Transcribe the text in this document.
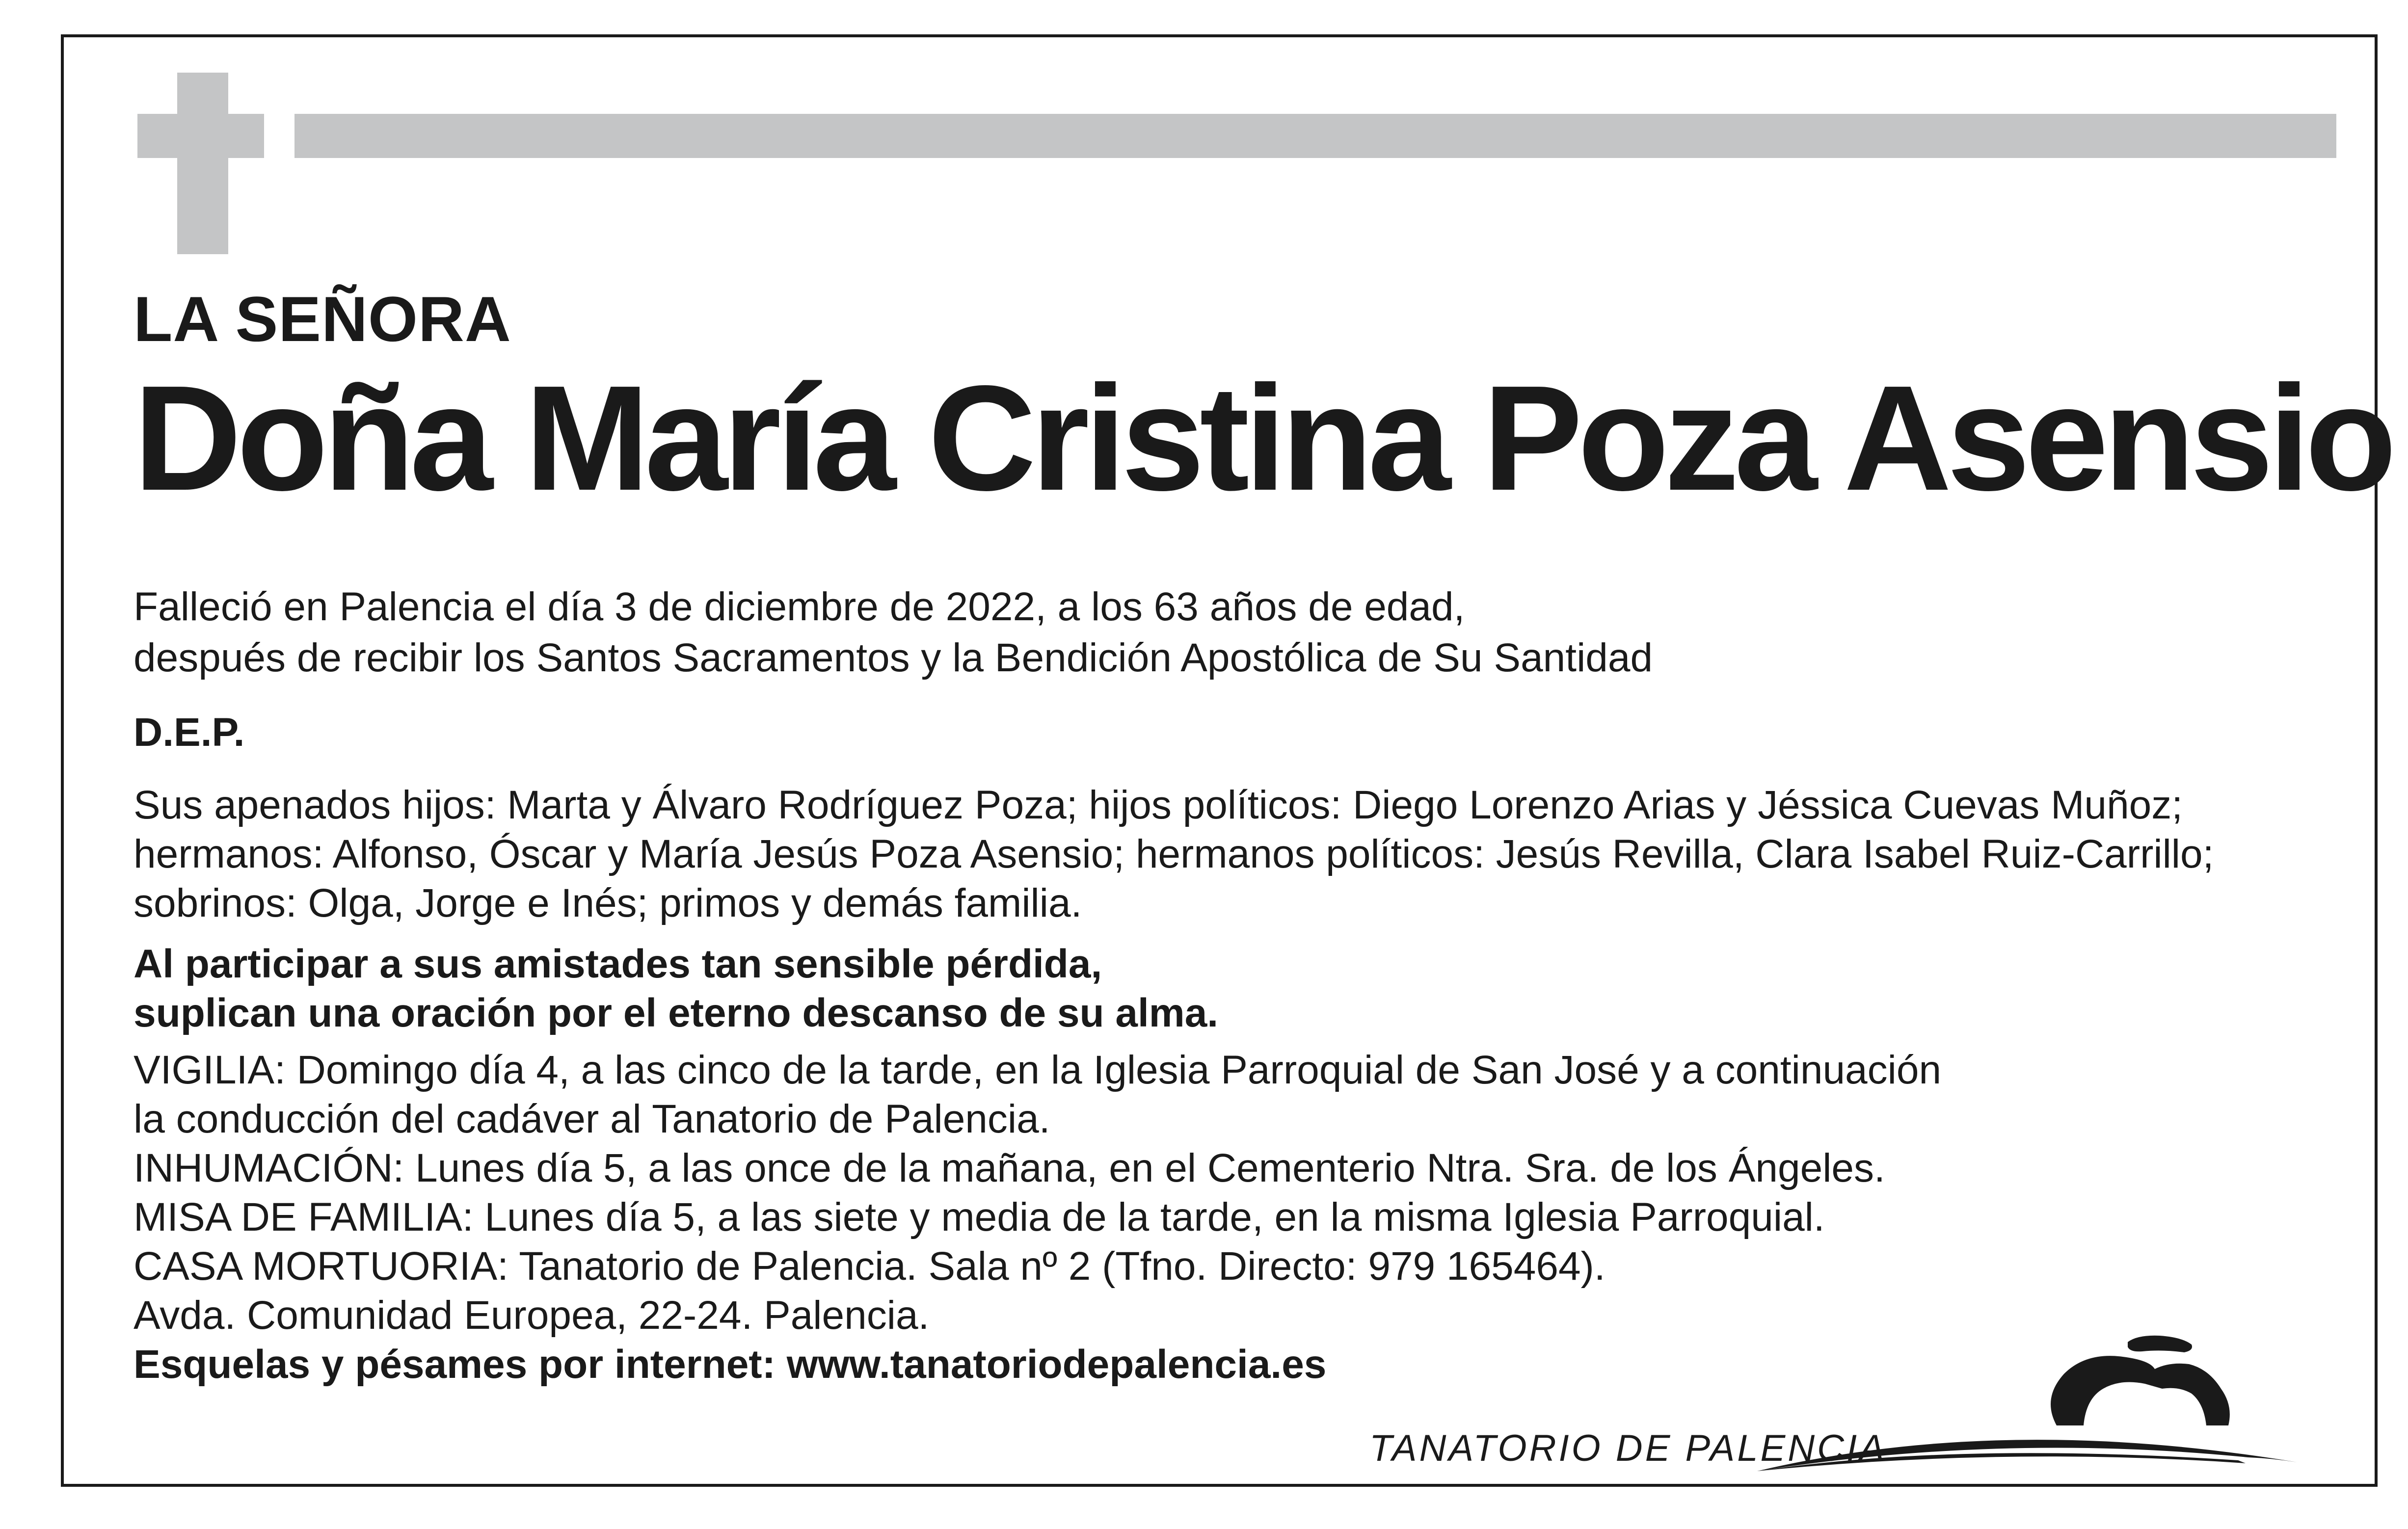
LA SEÑORA
Doña María Cristina Poza Asensio
Falleció en Palencia el día 3 de diciembre de 2022, a los 63 años de edad,
después de recibir los Santos Sacramentos y la Bendición Apostólica de Su Santidad
D.E.P.
Sus apenados hijos: Marta y Álvaro Rodríguez Poza; hijos políticos: Diego Lorenzo Arias y Jéssica Cuevas Muñoz;
hermanos: Alfonso, Óscar y María Jesús Poza Asensio; hermanos políticos: Jesús Revilla, Clara Isabel Ruiz-Carrillo;
sobrinos: Olga, Jorge e Inés; primos y demás familia.
Al participar a sus amistades tan sensible pérdida,
suplican una oración por el eterno descanso de su alma.
VIGILIA: Domingo día 4, a las cinco de la tarde, en la Iglesia Parroquial de San José y a continuación
la conducción del cadáver al Tanatorio de Palencia.
INHUMACIÓN: Lunes día 5, a las once de la mañana, en el Cementerio Ntra. Sra. de los Ángeles.
MISA DE FAMILIA: Lunes día 5, a las siete y media de la tarde, en la misma Iglesia Parroquial.
CASA MORTUORIA: Tanatorio de Palencia. Sala nº 2 (Tfno. Directo: 979 165464).
Avda. Comunidad Europea, 22-24. Palencia.
Esquelas y pésames por internet: www.tanatoriodepalencia.es
TANATORIO DE PALENCIA
